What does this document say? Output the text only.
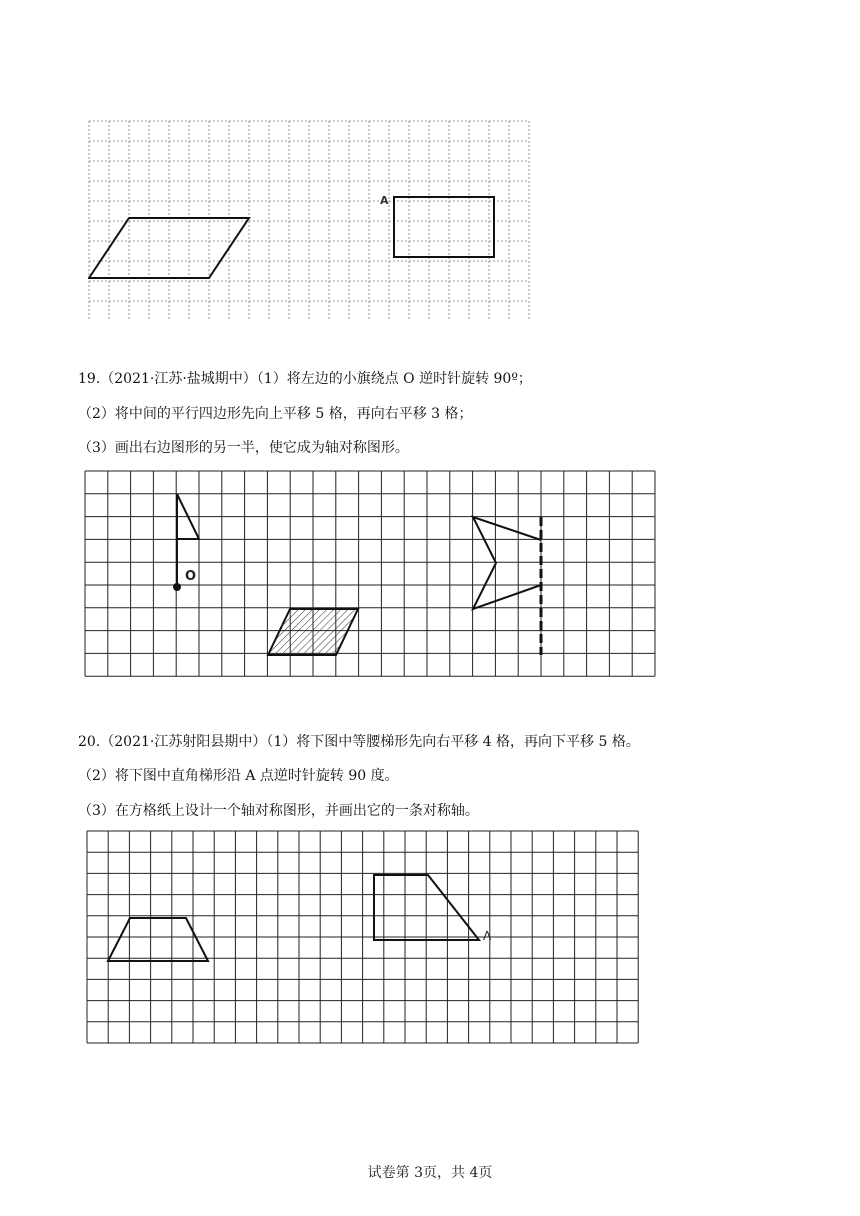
A
19.（2021·江苏·盐城期中）（1）将左边的小旗绕点 O 逆时针旋转 90º；
（2）将中间的平行四边形先向上平移 5 格，再向右平移 3 格；
（3）画出右边图形的另一半，使它成为轴对称图形。
O
20.（2021·江苏射阳县期中）（1）将下图中等腰梯形先向右平移 4 格，再向下平移 5 格。
（2）将下图中直角梯形沿 A 点逆时针旋转 90 度。
（3）在方格纸上设计一个轴对称图形，并画出它的一条对称轴。
A
试卷第 3页，共 4页
